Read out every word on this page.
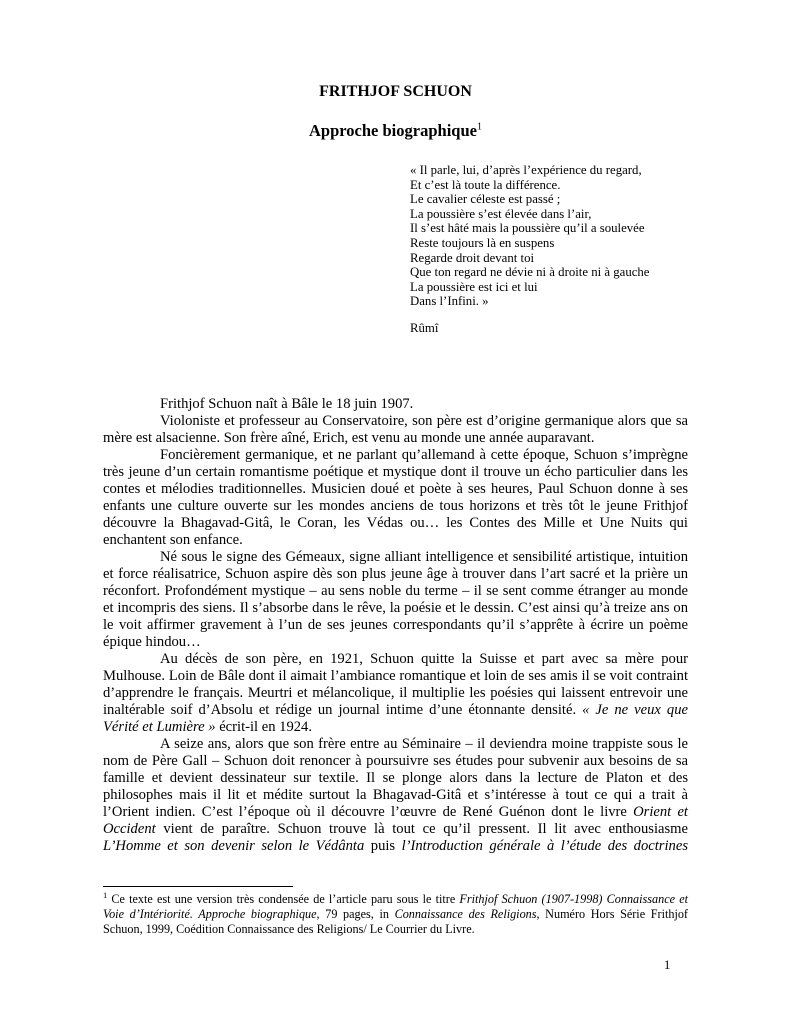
FRITHJOF SCHUON
Approche biographique$^1$
« Il parle, lui, d’après l’expérience du regard,
Et c’est là toute la différence.
Le cavalier céleste est passé ;
La poussière s’est élevée dans l’air,
Il s’est hâté mais la poussière qu’il a soulevée
Reste toujours là en suspens
Regarde droit devant toi
Que ton regard ne dévie ni à droite ni à gauche
La poussière est ici et lui
Dans l’Infini. »
Rûmî

Frithjof Schuon naît à Bâle le 18 juin 1907.

Violoniste et professeur au Conservatoire, son père est d’origine germanique alors que sa mère est alsacienne. Son frère aîné, Erich, est venu au monde une année auparavant.

Foncièrement germanique, et ne parlant qu’allemand à cette époque, Schuon s’imprègne très jeune d’un certain romantisme poétique et mystique dont il trouve un écho particulier dans les contes et mélodies traditionnelles. Musicien doué et poète à ses heures, Paul Schuon donne à ses enfants une culture ouverte sur les mondes anciens de tous horizons et très tôt le jeune Frithjof découvre la Bhagavad-Gitâ, le Coran, les Védas ou… les Contes des Mille et Une Nuits qui enchantent son enfance.

Né sous le signe des Gémeaux, signe alliant intelligence et sensibilité artistique, intuition et force réalisatrice, Schuon aspire dès son plus jeune âge à trouver dans l’art sacré et la prière un réconfort. Profondément mystique – au sens noble du terme – il se sent comme étranger au monde et incompris des siens. Il s’absorbe dans le rêve, la poésie et le dessin. C’est ainsi qu’à treize ans on le voit affirmer gravement à l’un de ses jeunes correspondants qu’il s’apprête à écrire un poème épique hindou…

Au décès de son père, en 1921, Schuon quitte la Suisse et part avec sa mère pour Mulhouse. Loin de Bâle dont il aimait l’ambiance romantique et loin de ses amis il se voit contraint d’apprendre le français. Meurtri et mélancolique, il multiplie les poésies qui laissent entrevoir une inaltérable soif d’Absolu et rédige un journal intime d’une étonnante densité. « Je ne veux que Vérité et Lumière » écrit-il en 1924.

A seize ans, alors que son frère entre au Séminaire – il deviendra moine trappiste sous le nom de Père Gall – Schuon doit renoncer à poursuivre ses études pour subvenir aux besoins de sa famille et devient dessinateur sur textile. Il se plonge alors dans la lecture de Platon et des philosophes mais il lit et médite surtout la Bhagavad-Gitâ et s’intéresse à tout ce qui a trait à l’Orient indien. C’est l’époque où il découvre l’œuvre de René Guénon dont le livre Orient et Occident vient de paraître. Schuon trouve là tout ce qu’il pressent. Il lit avec enthousiasme L’Homme et son devenir selon le Védânta puis l’Introduction générale à l’étude des doctrines

$^1$ Ce texte est une version très condensée de l’article paru sous le titre Frithjof Schuon (1907-1998) Connaissance et Voie d’Intériorité. Approche biographique, 79 pages, in Connaissance des Religions, Numéro Hors Série Frithjof Schuon, 1999, Coédition Connaissance des Religions/ Le Courrier du Livre.
1
